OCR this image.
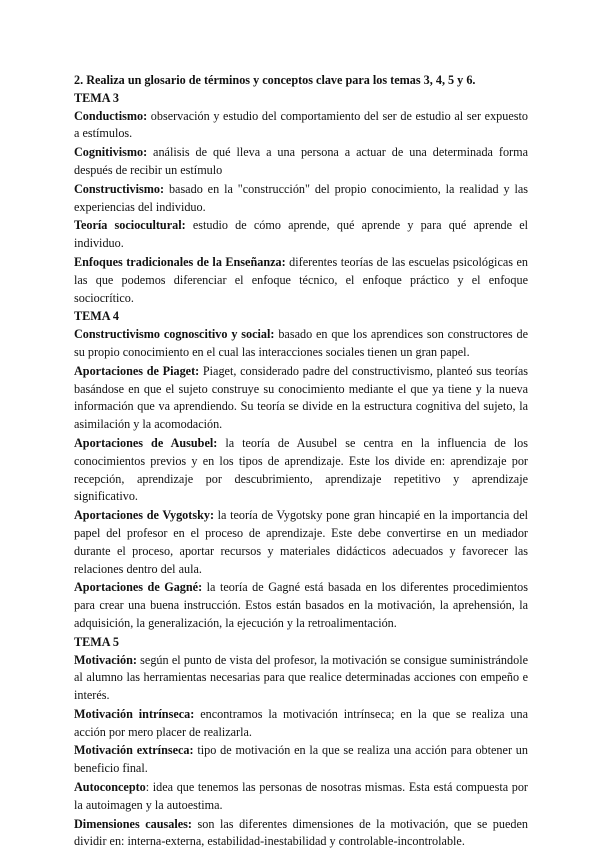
2. Realiza un glosario de términos y conceptos clave para los temas 3, 4, 5 y 6.
TEMA 3
Conductismo: observación y estudio del comportamiento del ser de estudio al ser expuesto a estímulos.
Cognitivismo: análisis de qué lleva a una persona a actuar de una determinada forma después de recibir un estímulo
Constructivismo: basado en la "construcción" del propio conocimiento, la realidad y las experiencias del individuo.
Teoría sociocultural: estudio de cómo aprende, qué aprende y para qué aprende el individuo.
Enfoques tradicionales de la Enseñanza: diferentes teorías de las escuelas psicológicas en las que podemos diferenciar el enfoque técnico, el enfoque práctico y el enfoque sociocrítico.
TEMA 4
Constructivismo cognoscitivo y social: basado en que los aprendices son constructores de su propio conocimiento en el cual las interacciones sociales tienen un gran papel.
Aportaciones de Piaget: Piaget, considerado padre del constructivismo, planteó sus teorías basándose en que el sujeto construye su conocimiento mediante el que ya tiene y la nueva información que va aprendiendo. Su teoría se divide en la estructura cognitiva del sujeto, la asimilación y la acomodación.
Aportaciones de Ausubel: la teoría de Ausubel se centra en la influencia de los conocimientos previos y en los tipos de aprendizaje. Este los divide en: aprendizaje por recepción, aprendizaje por descubrimiento, aprendizaje repetitivo y aprendizaje significativo.
Aportaciones de Vygotsky: la teoría de Vygotsky pone gran hincapié en la importancia del papel del profesor en el proceso de aprendizaje. Este debe convertirse en un mediador durante el proceso, aportar recursos y materiales didácticos adecuados y favorecer las relaciones dentro del aula.
Aportaciones de Gagné: la teoría de Gagné está basada en los diferentes procedimientos para crear una buena instrucción. Estos están basados en la motivación, la aprehensión, la adquisición, la generalización, la ejecución y la retroalimentación.
TEMA 5
Motivación: según el punto de vista del profesor, la motivación se consigue suministrándole al alumno las herramientas necesarias para que realice determinadas acciones con empeño e interés.
Motivación intrínseca: encontramos la motivación intrínseca; en la que se realiza una acción por mero placer de realizarla.
Motivación extrínseca: tipo de motivación en la que se realiza una acción para obtener un beneficio final.
Autoconcepto: idea que tenemos las personas de nosotras mismas. Esta está compuesta por la autoimagen y la autoestima.
Dimensiones causales: son las diferentes dimensiones de la motivación, que se pueden dividir en: interna-externa, estabilidad-inestabilidad y controlable-incontrolable.
